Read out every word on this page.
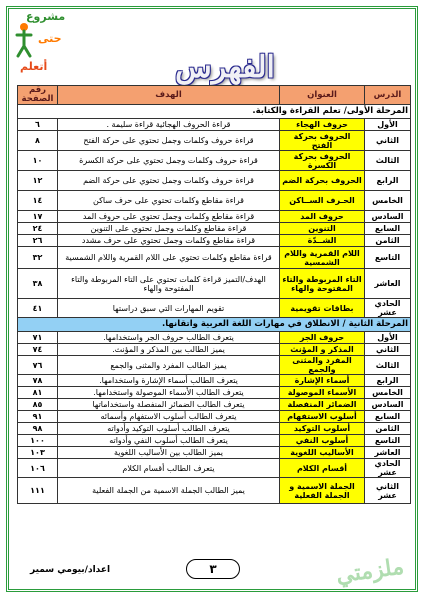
مشروع
حتى
أتعلم	الفهرس
الدرس	العنوان	الهدف	رقم الصفحة
المرحلة الأولى/ تعلم القراءة والكتابة.			
الأول	حروف الهجاء	قراءة الحروف الهجائية قراءة سليمة .	٦
الثاني	الحروف بحركة الفتح	قراءة حروف وكلمات وجمل تحتوي على حركة الفتح	٨
الثالث	الحروف بحركة الكسرة	قراءة حروف وكلمات وجمل تحتوي على حركة الكسرة	١٠
الرابع	الحروف بحركة الضم	قراءة حروف وكلمات وجمل تحتوي على حركة الضم	١٢
الخامس	الحـرف الســاكن	قراءة مقاطع وكلمات تحتوي على حرف ساكن	١٤
السادس	حروف المد	قراءة مقاطع وكلمات وجمل تحتوي على حروف المد	١٧
السابع	التنوين	قراءة مقاطع وكلمات وجمل تحتوي على التنوين	٢٤
الثامن	الشــدّة	قراءة مقاطع وكلمات وجمل تحتوي على حرف مشدد	٢٦
التاسع	اللام القمرية واللام الشمسية	قراءة مقاطع وكلمات تحتوي على اللام القمرية واللام الشمسية	٣٢
العاشر	التاء المربوطة والتاء المفتوحة والهاء	الهدف/التميز قراءة كلمات تحتوي على التاء المربوطة والتاء المفتوحة والهاء	٣٨
الحادي عشر	بطاقات تقويمية	تقويم المهارات التي سبق دراستها	٤١
المرحلة الثانية / الانطلاق في مهارات اللغة العربية واتقانها.			
الأول	حروف الجر	يتعرف الطالب حروف الجر واستخدامها.	٧١
الثاني	المذكر و المؤنث	يميز الطالب بين المذكر و المؤنث.	٧٤
الثالث	المفرد والمثنى والجمع	يميز الطالب المفرد والمثنى والجمع	٧٦
الرابع	أسماء الإشارة	يتعرف الطالب أسماء الإشارة واستخدامها.	٧٨
الخامس	الأسماء الموصولة	يتعرف الطالب الأسماء الموصولة واستخدامها.	٨١
السادس	الضمائر المنفصلة	يتعرف الطالب الضمائر المنفصلة واستخداماتها	٨٥
السابع	أسلوب الاستفهام	يتعرف الطالب أسلوب الاستفهام وأسمائه	٩١
الثامن	أسلوب التوكيد	يتعرف الطالب أسلوب التوكيد وأدواته	٩٨
التاسع	أسلوب النفي	يتعرف الطالب أسلوب النفي وأدواته	١٠٠
العاشر	الأساليب اللغوية	يميز الطالب بين الأساليب اللغوية	١٠٣
الحادي عشر	أقسام الكلام	يتعرف الطالب أقسام الكلام	١٠٦
الثاني عشر	الجملة الاسمية و الجملة الفعلية	يميز الطالب الجملة الاسمية من الجملة الفعلية	١١١
اعداد/بيومي سمير	٣	ملزمتي
